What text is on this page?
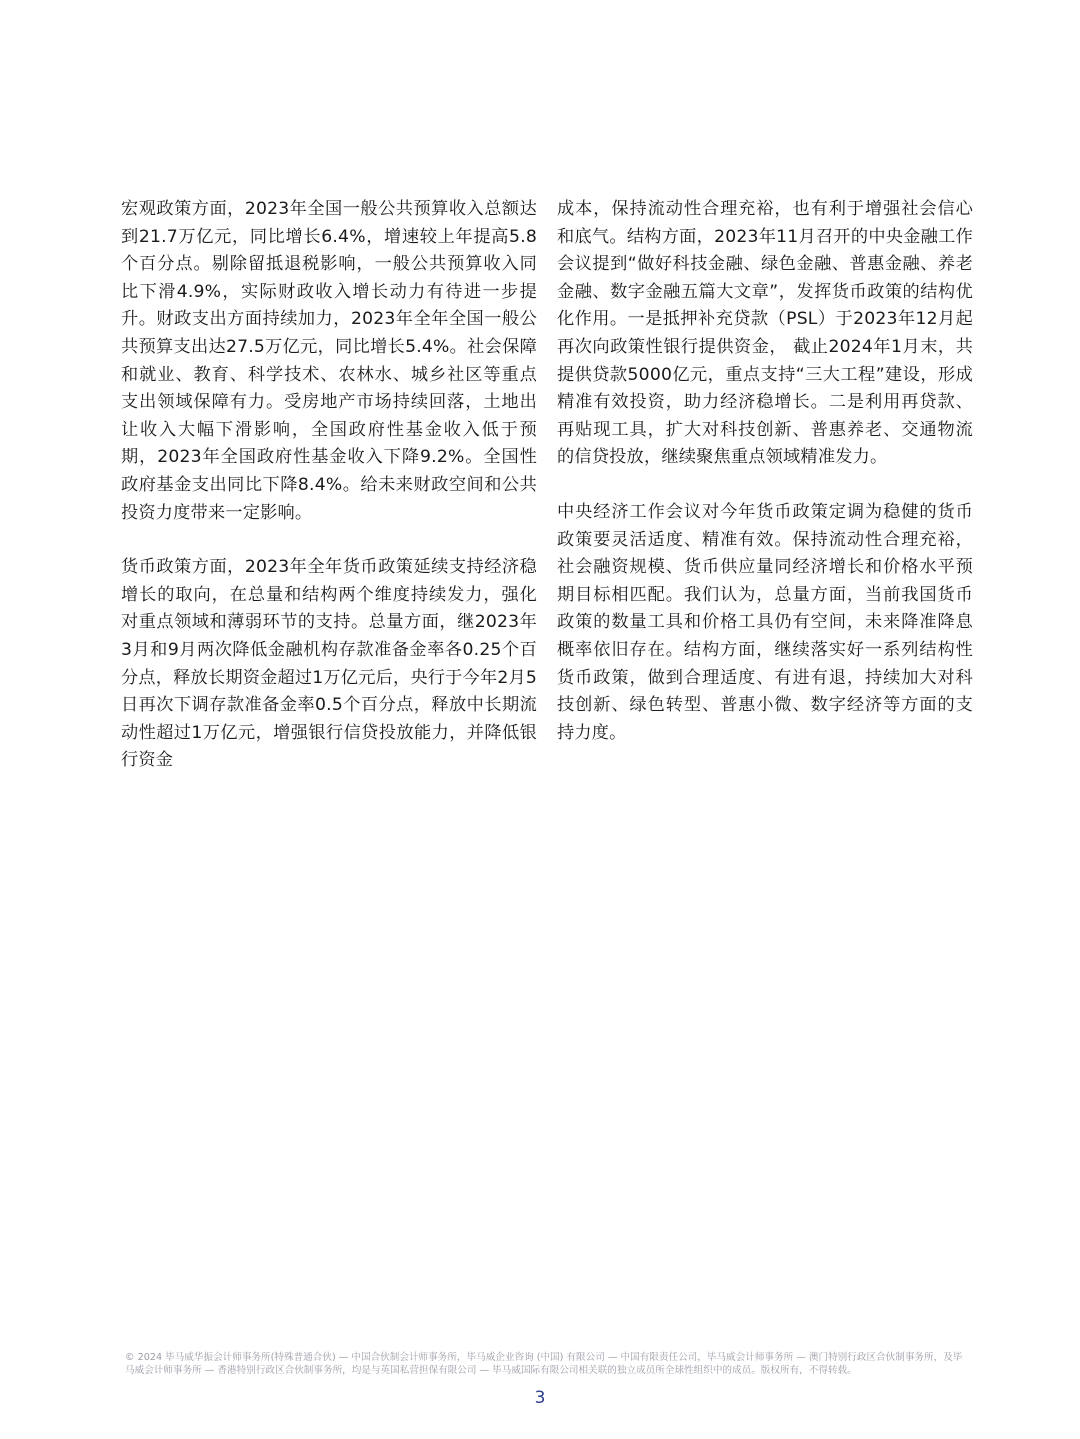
宏观政策方面，2023年全国一般公共预算收入总额达到21.7万亿元，同比增长6.4%，增速较上年提高5.8个百分点。剔除留抵退税影响，一般公共预算收入同比下滑4.9%，实际财政收入增长动力有待进一步提升。财政支出方面持续加力，2023年全年全国一般公共预算支出达27.5万亿元，同比增长5.4%。社会保障和就业、教育、科学技术、农林水、城乡社区等重点支出领域保障有力。受房地产市场持续回落，土地出让收入大幅下滑影响，全国政府性基金收入低于预期，2023年全国政府性基金收入下降9.2%。全国性政府基金支出同比下降8.4%。给未来财政空间和公共投资力度带来一定影响。

货币政策方面，2023年全年货币政策延续支持经济稳增长的取向，在总量和结构两个维度持续发力，强化对重点领域和薄弱环节的支持。总量方面，继2023年3月和9月两次降低金融机构存款准备金率各0.25个百分点，释放长期资金超过1万亿元后，央行于今年2月5日再次下调存款准备金率0.5个百分点，释放中长期流动性超过1万亿元，增强银行信贷投放能力，并降低银行资金

成本，保持流动性合理充裕，也有利于增强社会信心和底气。结构方面，2023年11月召开的中央金融工作会议提到“做好科技金融、绿色金融、普惠金融、养老金融、数字金融五篇大文章”，发挥货币政策的结构优化作用。一是抵押补充贷款（PSL）于2023年12月起再次向政策性银行提供资金， 截止2024年1月末，共提供贷款5000亿元，重点支持“三大工程”建设，形成精准有效投资，助力经济稳增长。二是利用再贷款、再贴现工具，扩大对科技创新、普惠养老、交通物流的信贷投放，继续聚焦重点领域精准发力。

中央经济工作会议对今年货币政策定调为稳健的货币政策要灵活适度、精准有效。保持流动性合理充裕，社会融资规模、货币供应量同经济增长和价格水平预期目标相匹配。我们认为，总量方面，当前我国货币政策的数量工具和价格工具仍有空间，未来降准降息概率依旧存在。结构方面，继续落实好一系列结构性货币政策，做到合理适度、有进有退，持续加大对科技创新、绿色转型、普惠小微、数字经济等方面的支持力度。

© 2024 毕马威华振会计师事务所(特殊普通合伙) — 中国合伙制会计师事务所，毕马威企业咨询 (中国) 有限公司 — 中国有限责任公司，毕马威会计师事务所 — 澳门特别行政区合伙制事务所，及毕马威会计师事务所 — 香港特别行政区合伙制事务所，均是与英国私营担保有限公司 — 毕马威国际有限公司相关联的独立成员所全球性组织中的成员。版权所有，不得转载。
3
